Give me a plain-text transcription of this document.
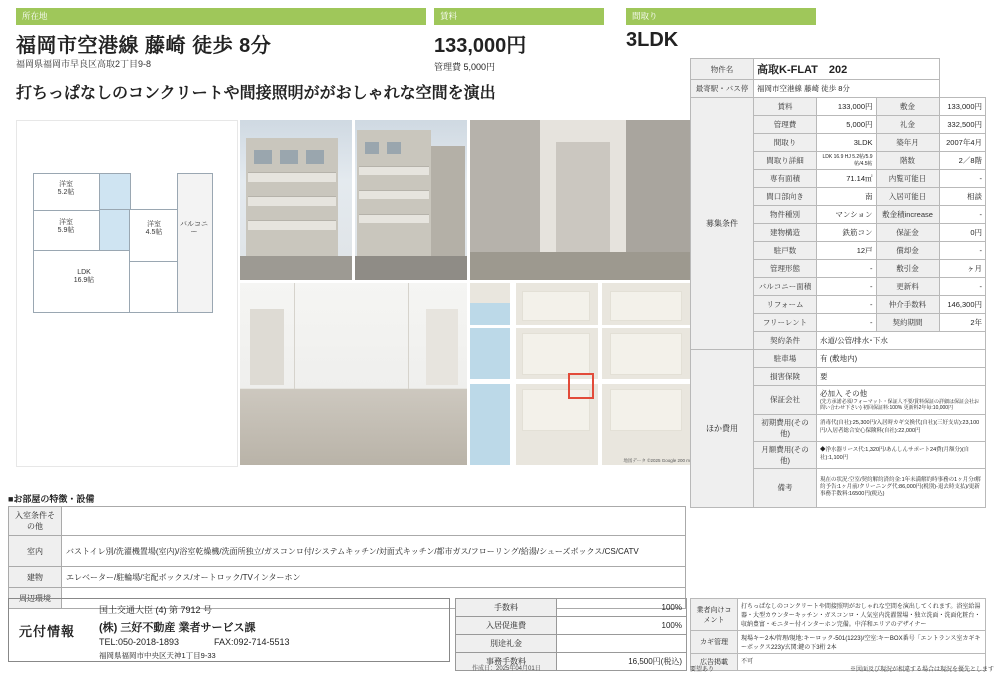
所在地	賃料	間取り
福岡市空港線 藤崎 徒歩 8分
福岡県福岡市早良区高取2丁目9-8
133,000円
管理費 5,000円
3LDK
打ちっぱなしのコンクリートや間接照明ががおしゃれな空間を演出
LDK
16.9帖
洋室
5.9帖
洋室
5.2帖
洋室
4.5帖
バルコニー
地図データ ©2025 Google 200 m
物件名	高取K-FLAT　202			
最寄駅・バス停	福岡市空港線 藤崎 徒歩 8分			
募集条件	賃料	133,000円	敷金	133,000円
	管理費	5,000円	礼金	332,500円
	間取り	3LDK	築年月	2007年4月
	間取り詳細	LDK 16.9 HJ 5.2帖/5.9帖/4.5帖	階数	2／8階
	専有面積	71.14㎡	内覧可能日	-
	間口部向き	南	入居可能日	相談
	物件種別	マンション	敷金積increase	-
	建物構造	鉄筋コン	保証金	0円
	駐戸数	12戸	償却金	-
	管理形態	-	敷引金	ヶ月
	バルコニー面積	-	更新料	-
	リフォーム	-	仲介手数料	146,300円
	フリーレント	-	契約期間	2年
	契約条件	水道/公管/排水･下水		
ほか費用	駐車場	有 (敷地内)		
	損害保険	要		
	保証会社	必加入 その他
(先方承諾必須/フォーマット・保証人不要/賃料保証の詳細は保証会社お問い合わせ下さい) 初回保証料:100% 更新料2年毎:10,000円		

	初期費用(その他)	消毒代(自社):25,300円/入居時カギ交換代(自社)(三好支店):23,100円/入居者総合安心保険料(自社):22,000円		
	月額費用(その他)	◆浄水器リース代:1,320円/あんしんサポート24費(月額分)(自社):1,100円		
	備考	現在の状況:空室/契約解約済約金:1年未満解約時事務の1ヶ月分/解約予告:1ヶ月前/クリーニング代:86,000円(税別)-退去時支払)/更新事務手数料:16500円(税込)		
■お部屋の特徴・設備
入室条件その他	
室内	バストイレ別/洗濯機置場(室内)/浴室乾燥機/洗面所独立/ガスコンロ付/システムキッチン/対面式キッチン/都市ガス/フローリング/給湯/シューズボックス/CS/CATV
建物	エレベーター/駐輪場/宅配ボックス/オートロック/TVインターホン
周辺環境	
元付情報
国土交通大臣 (4) 第 7912 号
(株) 三好不動産 業者サービス課
TEL:050-2018-1893	FAX:092-714-5513
福岡県福岡市中央区天神1丁目9-33
手数料	100%
入居促進費	100%
別途礼金	
事務手数料	16,500円(税込)
作成日：2025年04月01日
業者向けコメント	打ちっぱなしのコンクリートや間接照明がおしゃれな空間を演出してくれます。浴室給湯器・大型カウンターキッチン・ガスコンロ・人気室内洗濯置場・独立洗面・洗面化粧台・収納豊富・モニター付インターホン完備。中洋和エリアのデザイナー
カギ管理	現場キー2本/管理/現地:キーロック-501(1223)/空室:キーBOX番号「エントランス室カギキーボックス223)/玄関:鍵の下3桁 2本
広告掲載	不可
要望あり	※図面及び現況が相違する場合は現況を優先とします
